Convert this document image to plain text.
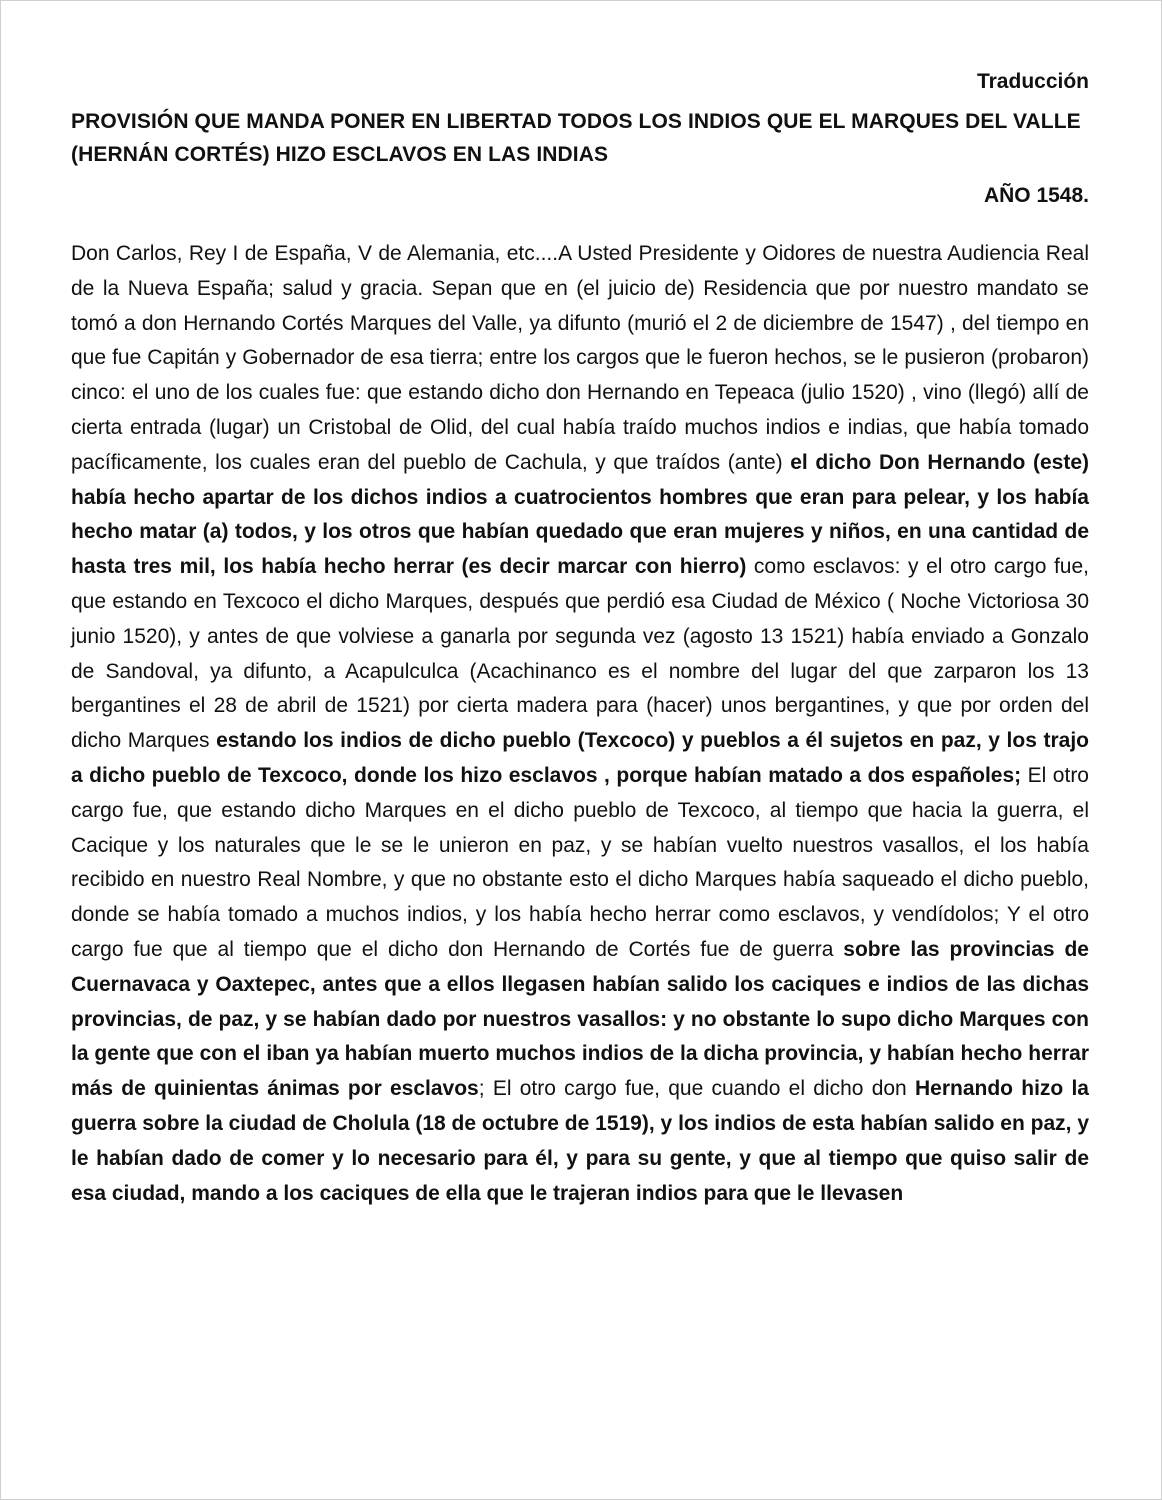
Traducción

PROVISIÓN QUE MANDA PONER EN LIBERTAD TODOS LOS INDIOS QUE EL MARQUES DEL VALLE (HERNÁN CORTÉS) HIZO ESCLAVOS EN LAS INDIAS

AÑO 1548.

Don Carlos, Rey I de España, V de Alemania, etc....A Usted Presidente y Oidores de nuestra Audiencia Real de la Nueva España; salud y gracia. Sepan que en (el juicio de) Residencia que por nuestro mandato se tomó a don Hernando Cortés Marques del Valle, ya difunto (murió el 2 de diciembre de 1547) , del tiempo en que fue Capitán y Gobernador de esa tierra; entre los cargos que le fueron hechos, se le pusieron (probaron) cinco: el uno de los cuales fue: que estando dicho don Hernando en Tepeaca (julio 1520) , vino (llegó) allí de cierta entrada (lugar) un Cristobal de Olid, del cual había traído muchos indios e indias, que había tomado pacíficamente, los cuales eran del pueblo de Cachula, y que traídos (ante) el dicho Don Hernando (este) había hecho apartar de los dichos indios a cuatrocientos hombres que eran para pelear, y los había hecho matar (a) todos, y los otros que habían quedado que eran mujeres y niños, en una cantidad de hasta tres mil, los había hecho herrar (es decir marcar con hierro) como esclavos: y el otro cargo fue, que estando en Texcoco el dicho Marques, después que perdió esa Ciudad de México ( Noche Victoriosa 30 junio 1520), y antes de que volviese a ganarla por segunda vez (agosto 13 1521) había enviado a Gonzalo de Sandoval, ya difunto, a Acapulculca (Acachinanco es el nombre del lugar del que zarparon los 13 bergantines el 28 de abril de 1521) por cierta madera para (hacer) unos bergantines, y que por orden del dicho Marques estando los indios de dicho pueblo (Texcoco) y pueblos a él sujetos en paz, y los trajo a dicho pueblo de Texcoco, donde los hizo esclavos , porque habían matado a dos españoles; El otro cargo fue, que estando dicho Marques en el dicho pueblo de Texcoco, al tiempo que hacia la guerra, el Cacique y los naturales que le se le unieron en paz, y se habían vuelto nuestros vasallos, el los había recibido en nuestro Real Nombre, y que no obstante esto el dicho Marques había saqueado el dicho pueblo, donde se había tomado a muchos indios, y los había hecho herrar como esclavos, y vendídolos; Y el otro cargo fue que al tiempo que el dicho don Hernando de Cortés fue de guerra sobre las provincias de Cuernavaca y Oaxtepec, antes que a ellos llegasen habían salido los caciques e indios de las dichas provincias, de paz, y se habían dado por nuestros vasallos: y no obstante lo supo dicho Marques con la gente que con el iban ya habían muerto muchos indios de la dicha provincia, y habían hecho herrar más de quinientas ánimas por esclavos; El otro cargo fue, que cuando el dicho don Hernando hizo la guerra sobre la ciudad de Cholula (18 de octubre de 1519), y los indios de esta habían salido en paz, y le habían dado de comer y lo necesario para él, y para su gente, y que al tiempo que quiso salir de esa ciudad, mando a los caciques de ella que le trajeran indios para que le llevasen
